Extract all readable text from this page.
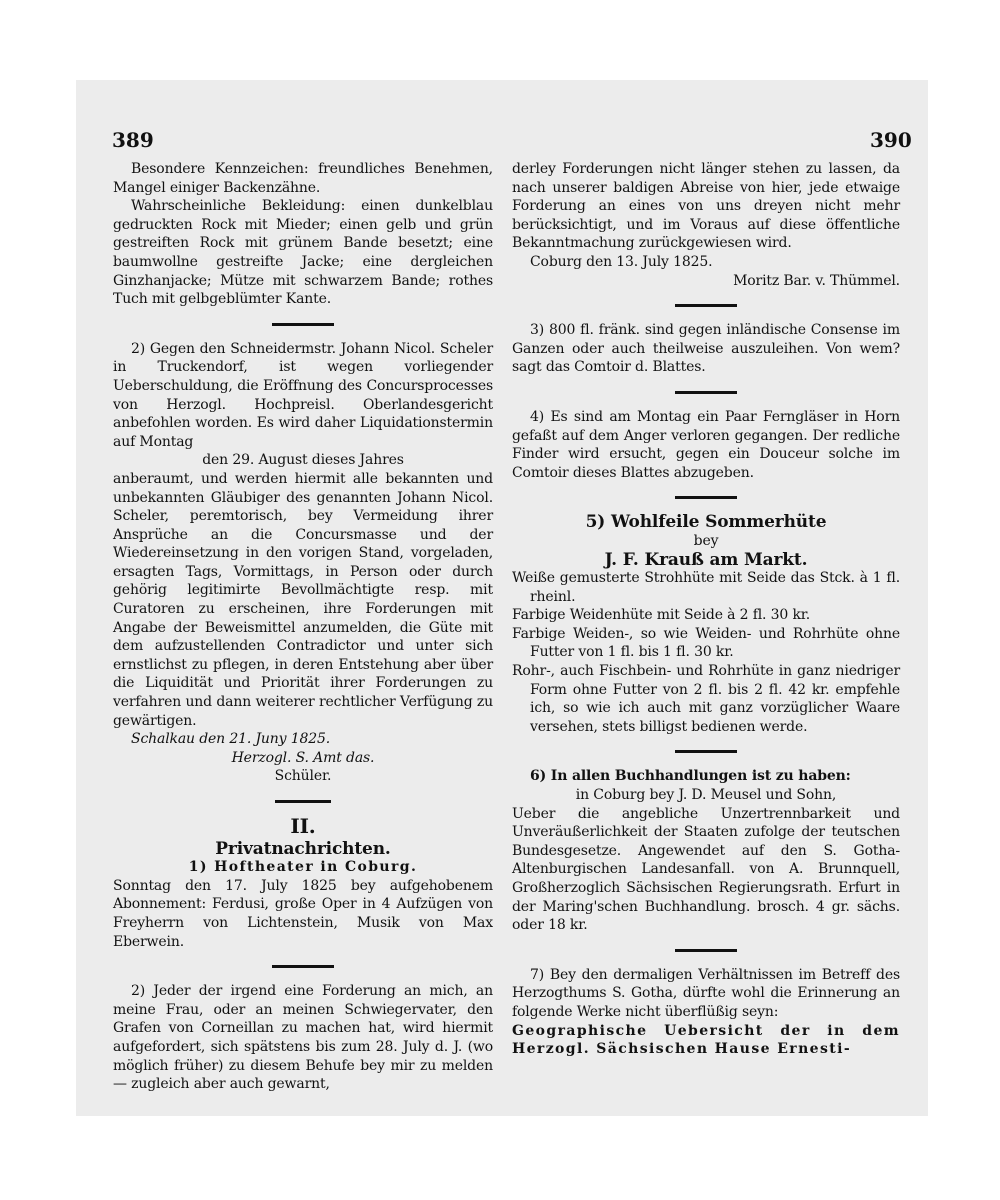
389	390

Besondere Kennzeichen: freundliches Benehmen, Mangel einiger Backenzähne.

Wahrscheinliche Bekleidung: einen dunkelblau gedruckten Rock mit Mieder; einen gelb und grün gestreiften Rock mit grünem Bande besetzt; eine baumwollne gestreifte Jacke; eine dergleichen Ginzhanjacke; Mütze mit schwarzem Bande; rothes Tuch mit gelbgeblümter Kante.

2) Gegen den Schneidermstr. Johann Nicol. Scheler in Truckendorf, ist wegen vorliegender Ueberschuldung, die Eröffnung des Concursprocesses von Herzogl. Hochpreisl. Oberlandesgericht anbefohlen worden. Es wird daher Liquidationstermin auf Montag

den 29. August dieses Jahres

anberaumt, und werden hiermit alle bekannten und unbekannten Gläubiger des genannten Johann Nicol. Scheler, peremtorisch, bey Vermeidung ihrer Ansprüche an die Concursmasse und der Wiedereinsetzung in den vorigen Stand, vorgeladen, ersagten Tags, Vormittags, in Person oder durch gehörig legitimirte Bevollmächtigte resp. mit Curatoren zu erscheinen, ihre Forderungen mit Angabe der Beweismittel anzumelden, die Güte mit dem aufzustellenden Contradictor und unter sich ernstlichst zu pflegen, in deren Entstehung aber über die Liquidität und Priorität ihrer Forderungen zu verfahren und dann weiterer rechtlicher Verfügung zu gewärtigen.

Schalkau den 21. Juny 1825.

Herzogl. S. Amt das.

Schüler.

II.

Privatnachrichten.

1) Hoftheater in Coburg.

Sonntag den 17. July 1825 bey aufgehobenem Abonnement: Ferdusi, große Oper in 4 Aufzügen von Freyherrn von Lichtenstein, Musik von Max Eberwein.

2) Jeder der irgend eine Forderung an mich, an meine Frau, oder an meinen Schwiegervater, den Grafen von Corneillan zu machen hat, wird hiermit aufgefordert, sich spätstens bis zum 28. July d. J. (wo möglich früher) zu diesem Behufe bey mir zu melden — zugleich aber auch gewarnt,

derley Forderungen nicht länger stehen zu lassen, da nach unserer baldigen Abreise von hier, jede etwaige Forderung an eines von uns dreyen nicht mehr berücksichtigt, und im Voraus auf diese öffentliche Bekanntmachung zurückgewiesen wird.

Coburg den 13. July 1825.

Moritz Bar. v. Thümmel.

3) 800 fl. fränk. sind gegen inländische Consense im Ganzen oder auch theilweise auszuleihen. Von wem? sagt das Comtoir d. Blattes.

4) Es sind am Montag ein Paar Ferngläser in Horn gefaßt auf dem Anger verloren gegangen. Der redliche Finder wird ersucht, gegen ein Douceur solche im Comtoir dieses Blattes abzugeben.

5) Wohlfeile Sommerhüte

bey

J. F. Krauß am Markt.

Weiße gemusterte Strohhüte mit Seide das Stck. à 1 fl. rheinl.

Farbige Weidenhüte mit Seide à 2 fl. 30 kr.

Farbige Weiden-, so wie Weiden- und Rohrhüte ohne Futter von 1 fl. bis 1 fl. 30 kr.

Rohr-, auch Fischbein- und Rohrhüte in ganz niedriger Form ohne Futter von 2 fl. bis 2 fl. 42 kr. empfehle ich, so wie ich auch mit ganz vorzüglicher Waare versehen, stets billigst bedienen werde.

6) In allen Buchhandlungen ist zu haben:

in Coburg bey J. D. Meusel und Sohn,

Ueber die angebliche Unzertrennbarkeit und Unveräußerlichkeit der Staaten zufolge der teutschen Bundesgesetze. Angewendet auf den S. Gotha-Altenburgischen Landesanfall. von A. Brunnquell, Großherzoglich Sächsischen Regierungsrath. Erfurt in der Maring'schen Buchhandlung. brosch. 4 gr. sächs. oder 18 kr.

7) Bey den dermaligen Verhältnissen im Betreff des Herzogthums S. Gotha, dürfte wohl die Erinnerung an folgende Werke nicht überflüßig seyn:

Geographische Uebersicht der in dem Herzogl. Sächsischen Hause Ernesti-
